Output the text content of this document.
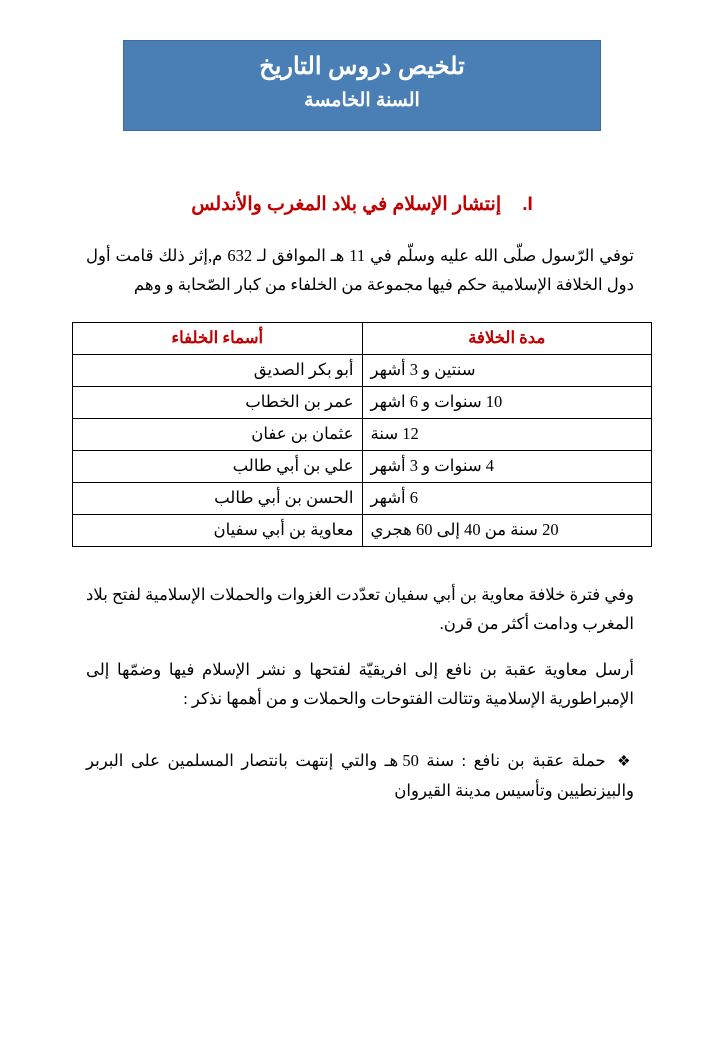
تلخيص دروس التاريخ
السنة الخامسة
I.    إنتشار الإسلام في بلاد المغرب والأندلس

توفي الرّسول صلّى الله عليه وسلّم في 11 هـ الموافق لـ 632 م,إثر ذلك قامت أول دول الخلافة الإسلامية حكم فيها مجموعة من الخلفاء من كبار الصّحابة و وهم

مدة الخلافة	أسماء الخلفاء
سنتين و 3 أشهر	أبو بكر الصديق
10 سنوات و 6 اشهر	عمر بن الخطاب
12 سنة	عثمان بن عفان
4 سنوات و 3 أشهر	علي بن أبي طالب
6 أشهر	الحسن بن أبي طالب
20 سنة من 40 إلى 60 هجري	معاوية بن أبي سفيان

وفي فترة خلافة معاوية بن أبي سفيان تعدّدت الغزوات والحملات الإسلامية لفتح بلاد المغرب ودامت أكثر من قرن.

أرسل معاوية عقبة بن نافع إلى افريقيّة لفتحها و نشر الإسلام فيها وضمّها إلى الإمبراطورية الإسلامية وتتالت الفتوحات والحملات و من أهمها نذكر :

❖ حملة عقبة بن نافع : سنة 50 هـ والتي إنتهت بانتصار المسلمين على البربر والبيزنطيين وتأسيس مدينة القيروان
